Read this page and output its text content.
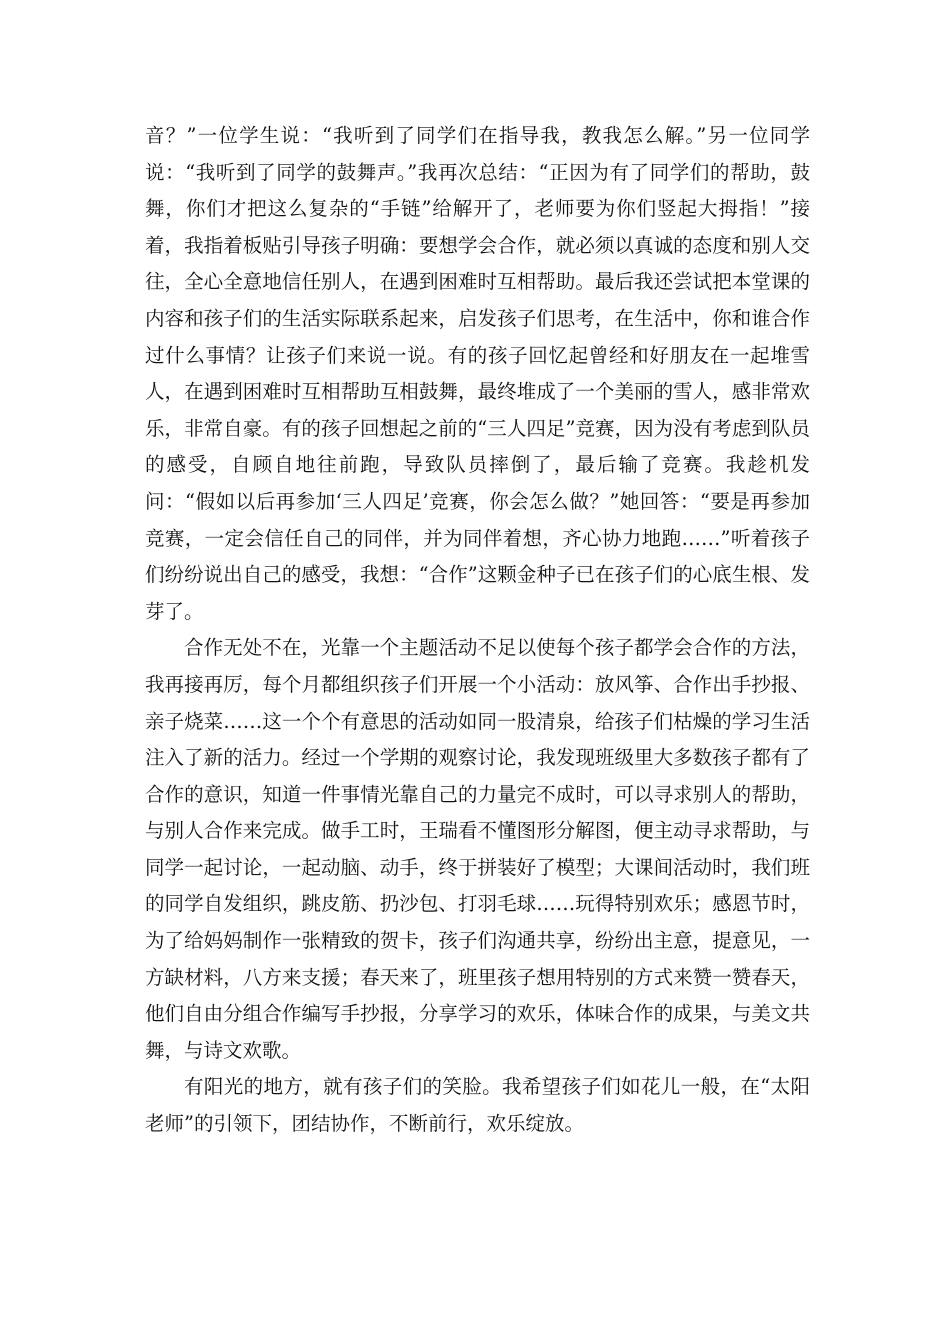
音？”一位学生说：“我听到了同学们在指导我，教我怎么解。”另一位同学说：“我听到了同学的鼓舞声。”我再次总结：“正因为有了同学们的帮助，鼓舞，你们才把这么复杂的“手链”给解开了，老师要为你们竖起大拇指！”接着，我指着板贴引导孩子明确：要想学会合作，就必须以真诚的态度和别人交往，全心全意地信任别人，在遇到困难时互相帮助。最后我还尝试把本堂课的内容和孩子们的生活实际联系起来，启发孩子们思考，在生活中，你和谁合作过什么事情？让孩子们来说一说。有的孩子回忆起曾经和好朋友在一起堆雪人，在遇到困难时互相帮助互相鼓舞，最终堆成了一个美丽的雪人，感非常欢乐，非常自豪。有的孩子回想起之前的“三人四足”竞赛，因为没有考虑到队员的感受，自顾自地往前跑，导致队员摔倒了，最后输了竞赛。我趁机发问：“假如以后再参加‘三人四足’竞赛，你会怎么做？”她回答：“要是再参加竞赛，一定会信任自己的同伴，并为同伴着想，齐心协力地跑……”听着孩子们纷纷说出自己的感受，我想：“合作”这颗金种子已在孩子们的心底生根、发芽了。

合作无处不在，光靠一个主题活动不足以使每个孩子都学会合作的方法，我再接再厉，每个月都组织孩子们开展一个小活动：放风筝、合作出手抄报、亲子烧菜……这一个个有意思的活动如同一股清泉，给孩子们枯燥的学习生活注入了新的活力。经过一个学期的观察讨论，我发现班级里大多数孩子都有了合作的意识，知道一件事情光靠自己的力量完不成时，可以寻求别人的帮助，与别人合作来完成。做手工时，王瑞看不懂图形分解图，便主动寻求帮助，与同学一起讨论，一起动脑、动手，终于拼装好了模型；大课间活动时，我们班的同学自发组织，跳皮筋、扔沙包、打羽毛球……玩得特别欢乐；感恩节时，为了给妈妈制作一张精致的贺卡，孩子们沟通共享，纷纷出主意，提意见，一方缺材料，八方来支援；春天来了，班里孩子想用特别的方式来赞一赞春天，他们自由分组合作编写手抄报，分享学习的欢乐，体味合作的成果，与美文共舞，与诗文欢歌。

有阳光的地方，就有孩子们的笑脸。我希望孩子们如花儿一般，在“太阳老师”的引领下，团结协作，不断前行，欢乐绽放。
